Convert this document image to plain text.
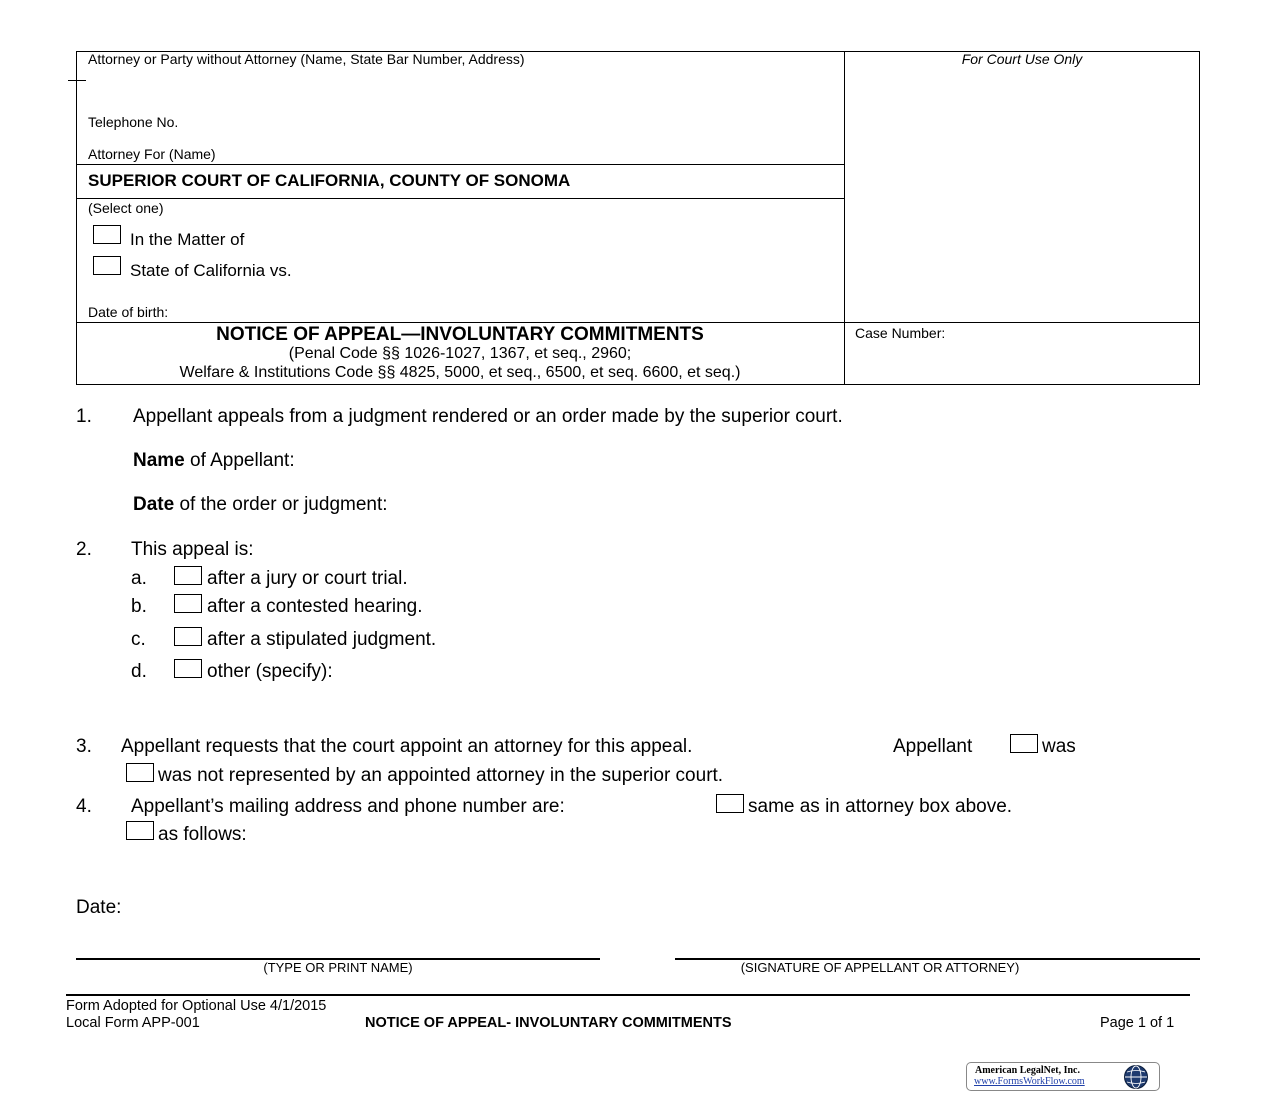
Attorney or Party without Attorney (Name, State Bar Number, Address)
Telephone No.
Attorney For (Name)
SUPERIOR COURT OF CALIFORNIA, COUNTY OF SONOMA
(Select one)
In the Matter of
State of California vs.
Date of birth:
For Court Use Only
Case Number:
NOTICE OF APPEAL—INVOLUNTARY COMMITMENTS
(Penal Code §§ 1026-1027, 1367, et seq., 2960;
Welfare & Institutions Code §§ 4825, 5000, et seq., 6500, et seq. 6600, et seq.)
1. Appellant appeals from a judgment rendered or an order made by the superior court.
Name of Appellant:
Date of the order or judgment:
2. This appeal is:
a.	after a jury or court trial.
b.	after a contested hearing.
c.	after a stipulated judgment.
d.	other (specify):
3. Appellant requests that the court appoint an attorney for this appeal.	Appellant	was
was not represented by an appointed attorney in the superior court.
4. Appellant’s mailing address and phone number are:	same as in attorney box above.
as follows:
Date:
(TYPE OR PRINT NAME)	(SIGNATURE OF APPELLANT OR ATTORNEY)
Form Adopted for Optional Use 4/1/2015
Local Form APP-001	NOTICE OF APPEAL- INVOLUNTARY COMMITMENTS	Page 1 of 1
American LegalNet, Inc.
www.FormsWorkFlow.com
